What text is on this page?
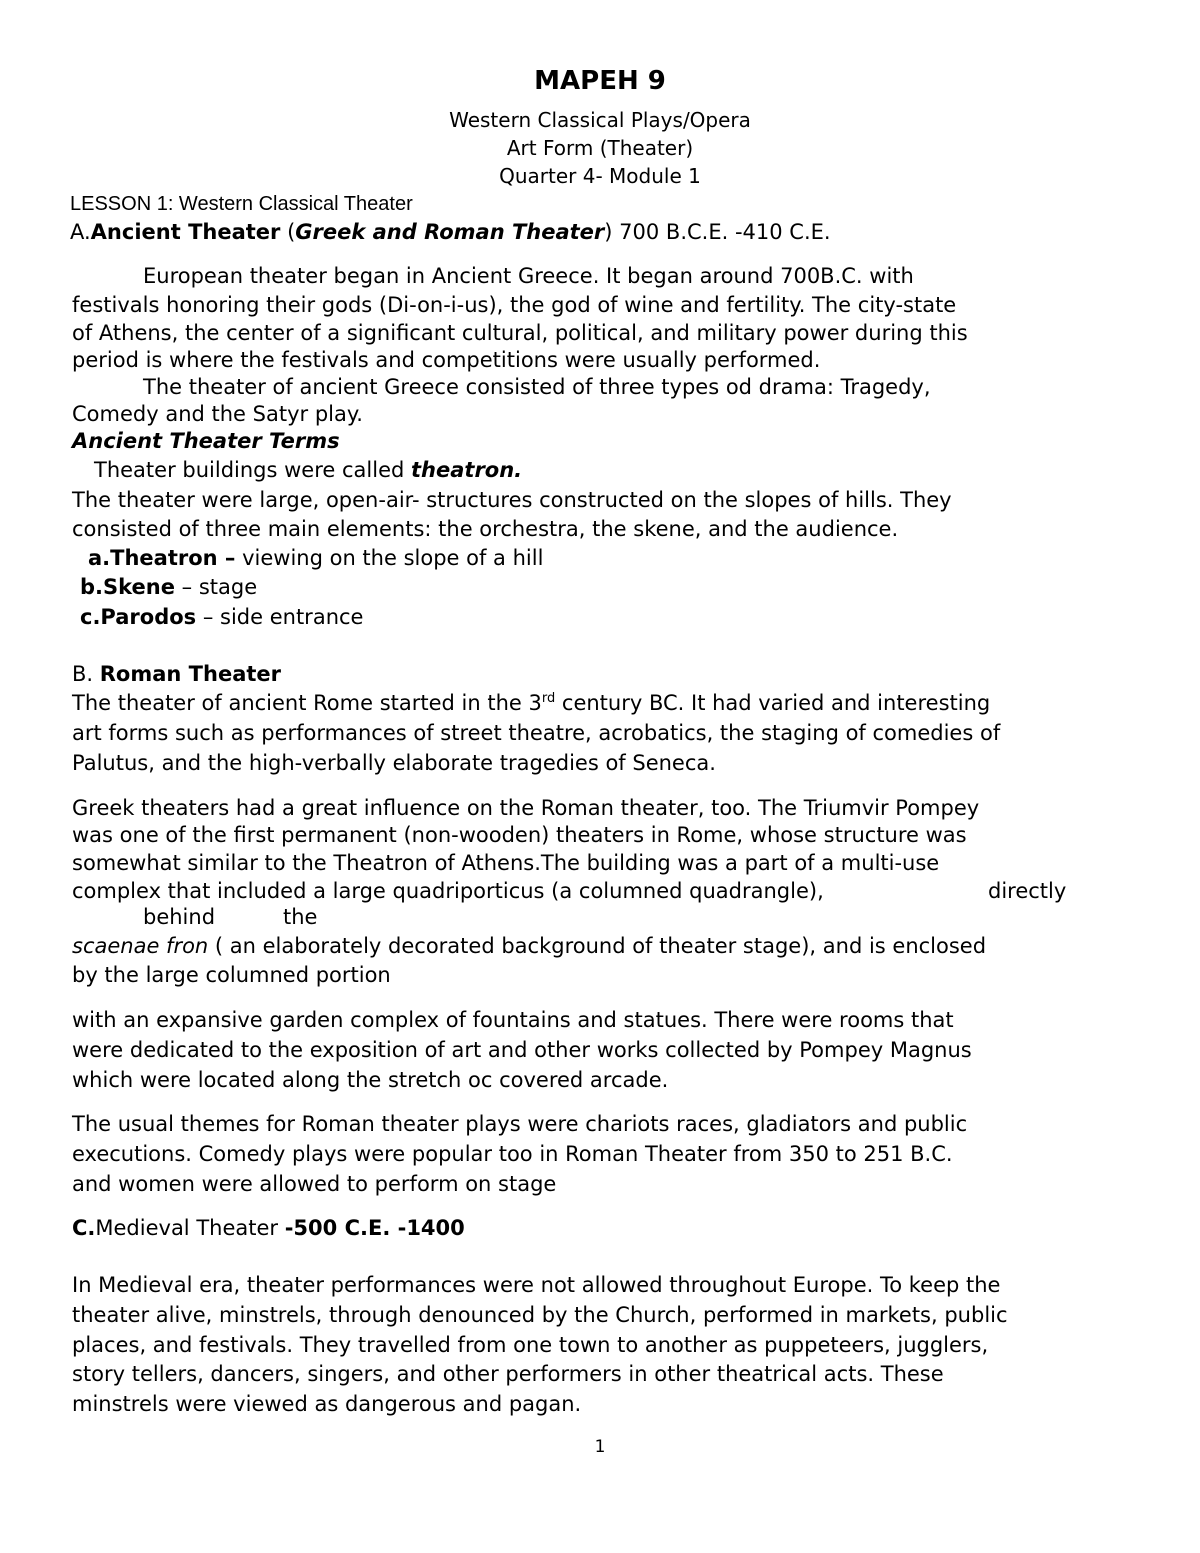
MAPEH 9
Western Classical Plays/Opera
Art Form (Theater)
Quarter 4- Module 1
LESSON 1: Western Classical Theater
A.Ancient Theater (Greek and Roman Theater) 700 B.C.E. -410 C.E.
European theater began in Ancient Greece. It began around 700B.C. with
festivals honoring their gods (Di-on-i-us), the god of wine and fertility. The city-state
of Athens, the center of a significant cultural, political, and military power during this
period is where the festivals and competitions were usually performed.
The theater of ancient Greece consisted of three types od drama: Tragedy,
Comedy and the Satyr play.
Ancient Theater Terms
Theater buildings were called theatron.
The theater were large, open-air- structures constructed on the slopes of hills. They
consisted of three main elements: the orchestra, the skene, and the audience.
a.Theatron – viewing on the slope of a hill
b.Skene – stage
c.Parodos – side entrance
B. Roman Theater
The theater of ancient Rome started in the 3rd century BC. It had varied and interesting
art forms such as performances of street theatre, acrobatics, the staging of comedies of
Palutus, and the high-verbally elaborate tragedies of Seneca.
Greek theaters had a great influence on the Roman theater, too. The Triumvir Pompey
was one of the first permanent (non-wooden) theaters in Rome, whose structure was
somewhat similar to the Theatron of Athens.The building was a part of a multi-use
complex that included a large quadriporticus (a columned quadrangle),	directly
behind	the
scaenae fron ( an elaborately decorated background of theater stage), and is enclosed
by the large columned portion
with an expansive garden complex of fountains and statues. There were rooms that
were dedicated to the exposition of art and other works collected by Pompey Magnus
which were located along the stretch oc covered arcade.
The usual themes for Roman theater plays were chariots races, gladiators and public
executions. Comedy plays were popular too in Roman Theater from 350 to 251 B.C.
and women were allowed to perform on stage
C.Medieval Theater -500 C.E. -1400
In Medieval era, theater performances were not allowed throughout Europe. To keep the
theater alive, minstrels, through denounced by the Church, performed in markets, public
places, and festivals. They travelled from one town to another as puppeteers, jugglers,
story tellers, dancers, singers, and other performers in other theatrical acts. These
minstrels were viewed as dangerous and pagan.
1
